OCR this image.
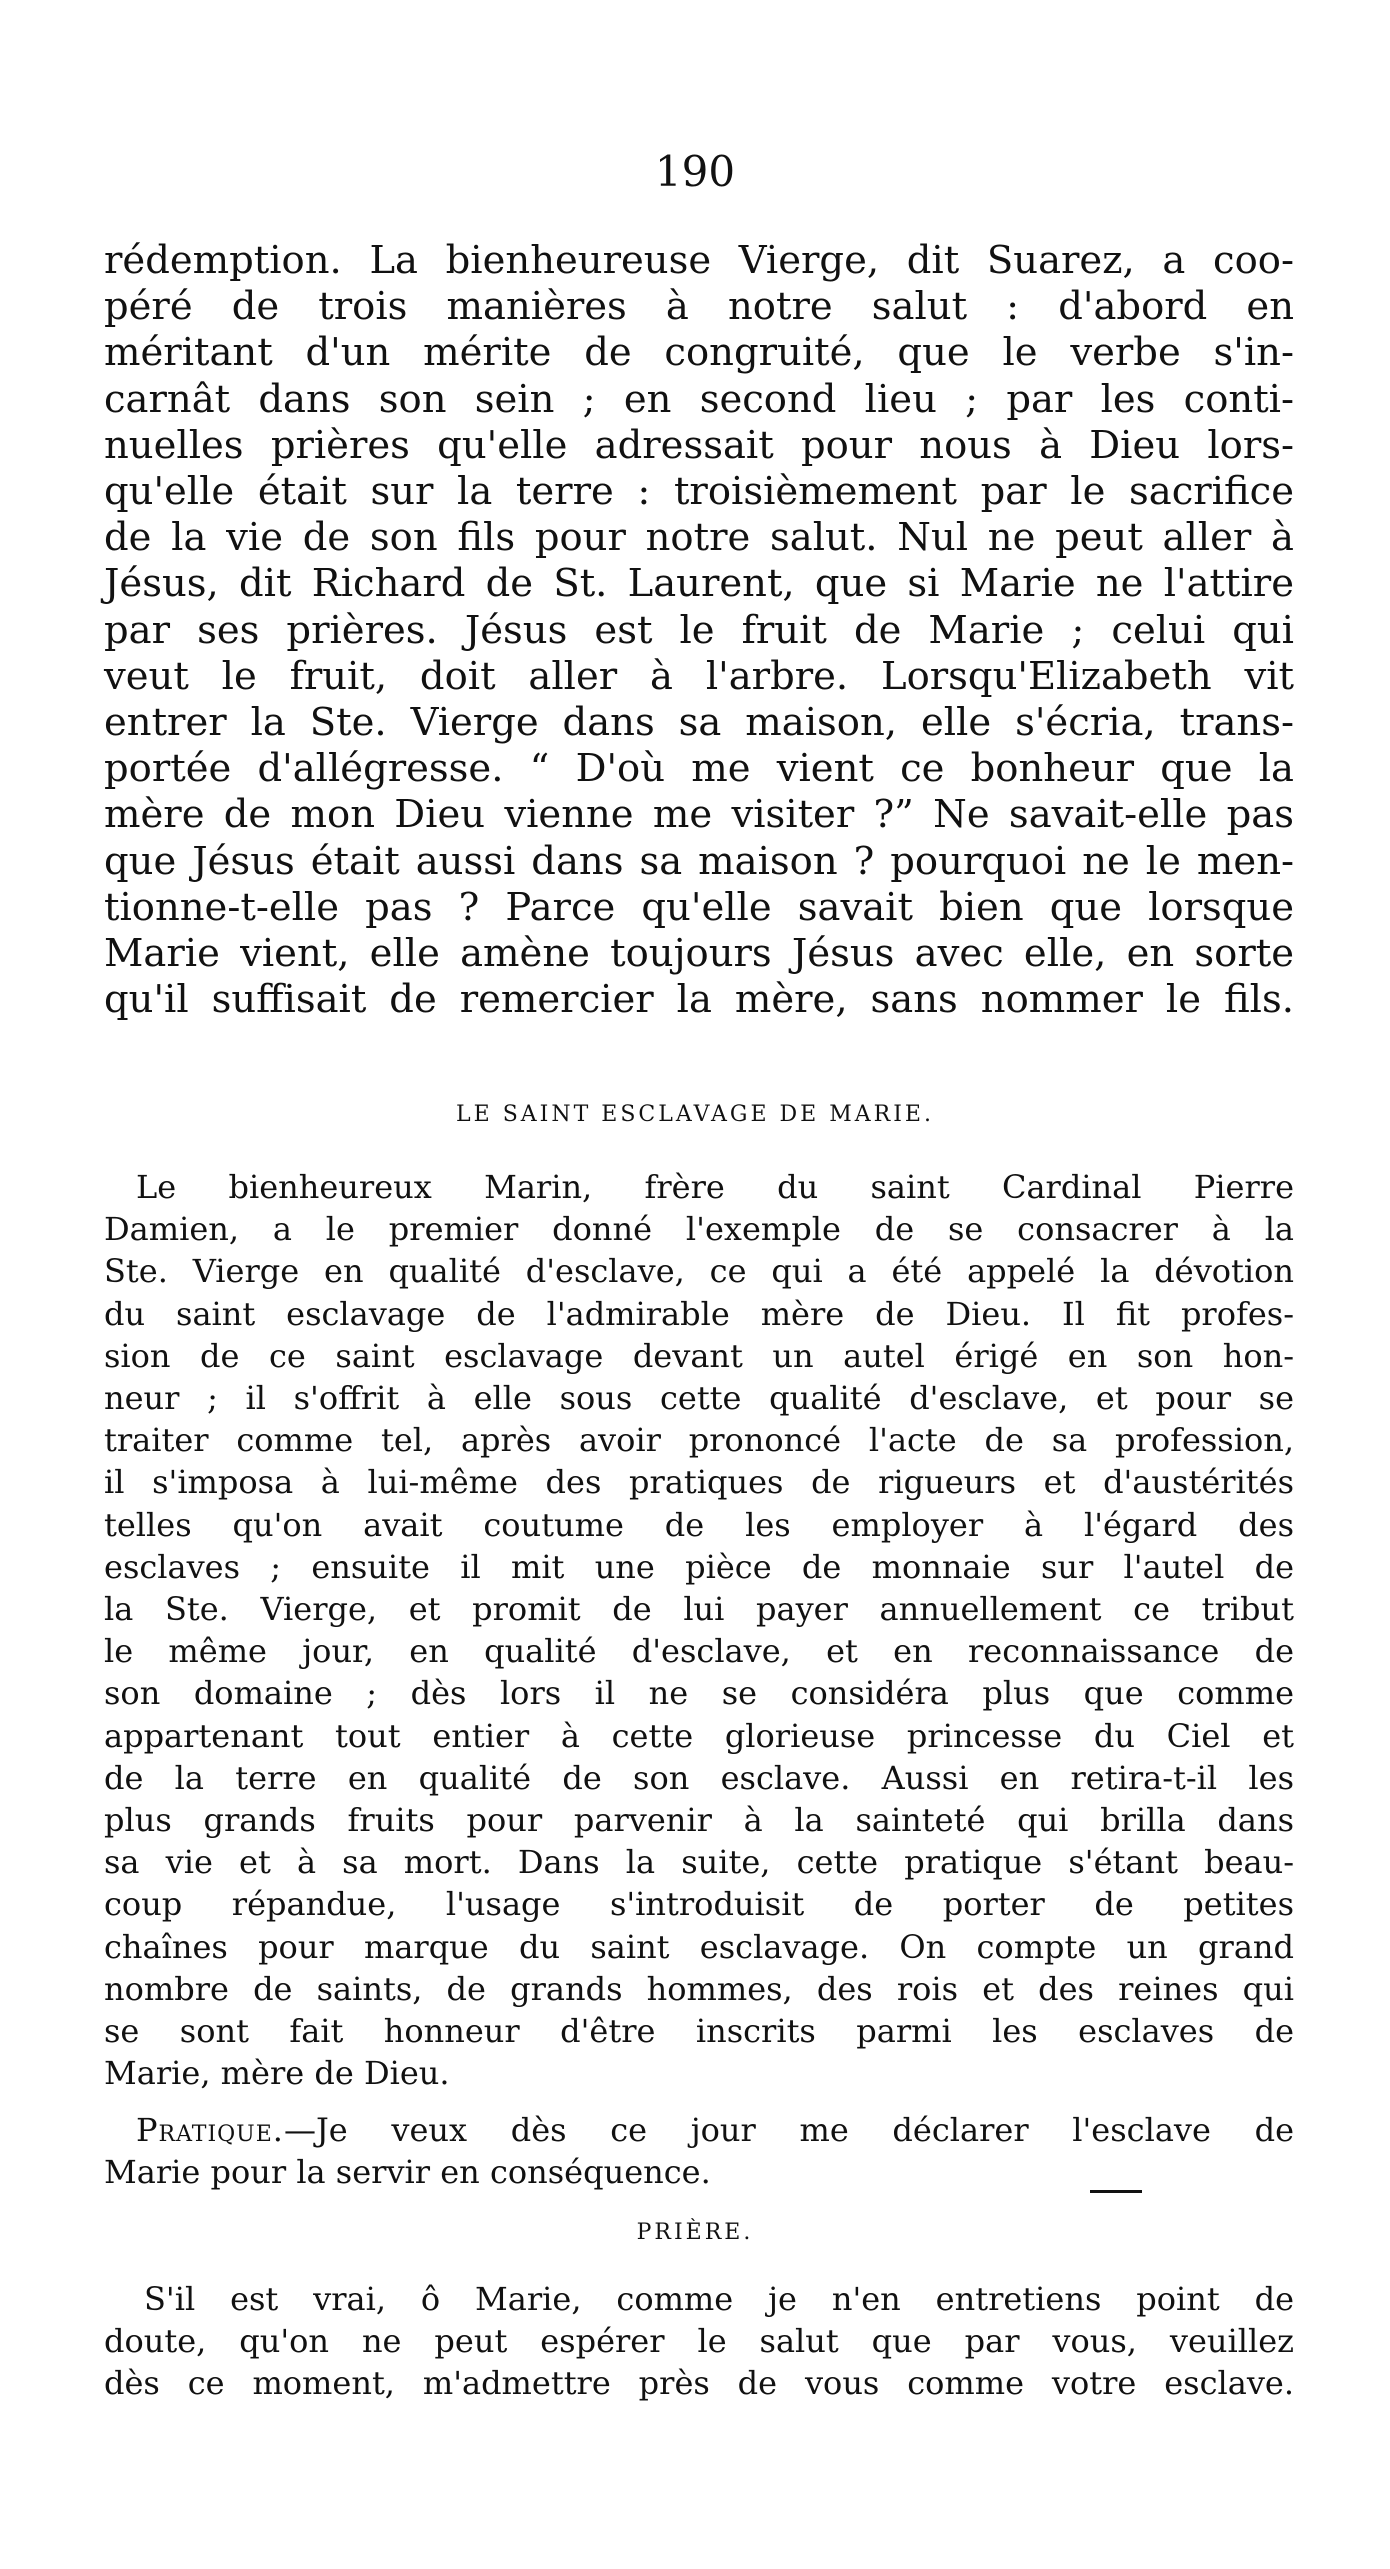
190
rédemption. La bienheureuse Vierge, dit Suarez, a coo-
péré de trois manières à notre salut : d'abord en
méritant d'un mérite de congruité, que le verbe s'in-
carnât dans son sein ; en second lieu ; par les conti-
nuelles prières qu'elle adressait pour nous à Dieu lors-
qu'elle était sur la terre : troisièmement par le sacrifice
de la vie de son fils pour notre salut. Nul ne peut aller à
Jésus, dit Richard de St. Laurent, que si Marie ne l'attire
par ses prières. Jésus est le fruit de Marie ; celui qui
veut le fruit, doit aller à l'arbre. Lorsqu'Elizabeth vit
entrer la Ste. Vierge dans sa maison, elle s'écria, trans-
portée d'allégresse. “ D'où me vient ce bonheur que la
mère de mon Dieu vienne me visiter ?” Ne savait-elle pas
que Jésus était aussi dans sa maison ? pourquoi ne le men-
tionne-t-elle pas ? Parce qu'elle savait bien que lorsque
Marie vient, elle amène toujours Jésus avec elle, en sorte
qu'il suffisait de remercier la mère, sans nommer le fils.
LE SAINT ESCLAVAGE DE MARIE.
Le bienheureux Marin, frère du saint Cardinal Pierre
Damien, a le premier donné l'exemple de se consacrer à la
Ste. Vierge en qualité d'esclave, ce qui a été appelé la dévotion
du saint esclavage de l'admirable mère de Dieu. Il fit profes-
sion de ce saint esclavage devant un autel érigé en son hon-
neur ; il s'offrit à elle sous cette qualité d'esclave, et pour se
traiter comme tel, après avoir prononcé l'acte de sa profession,
il s'imposa à lui-même des pratiques de rigueurs et d'austérités
telles qu'on avait coutume de les employer à l'égard des
esclaves ; ensuite il mit une pièce de monnaie sur l'autel de
la Ste. Vierge, et promit de lui payer annuellement ce tribut
le même jour, en qualité d'esclave, et en reconnaissance de
son domaine ; dès lors il ne se considéra plus que comme
appartenant tout entier à cette glorieuse princesse du Ciel et
de la terre en qualité de son esclave. Aussi en retira-t-il les
plus grands fruits pour parvenir à la sainteté qui brilla dans
sa vie et à sa mort. Dans la suite, cette pratique s'étant beau-
coup répandue, l'usage s'introduisit de porter de petites
chaînes pour marque du saint esclavage. On compte un grand
nombre de saints, de grands hommes, des rois et des reines qui
se sont fait honneur d'être inscrits parmi les esclaves de
Marie, mère de Dieu.
Pratique.—Je veux dès ce jour me déclarer l'esclave de
Marie pour la servir en conséquence.
PRIÈRE.
S'il est vrai, ô Marie, comme je n'en entretiens point de
doute, qu'on ne peut espérer le salut que par vous, veuillez
dès ce moment, m'admettre près de vous comme votre esclave.
